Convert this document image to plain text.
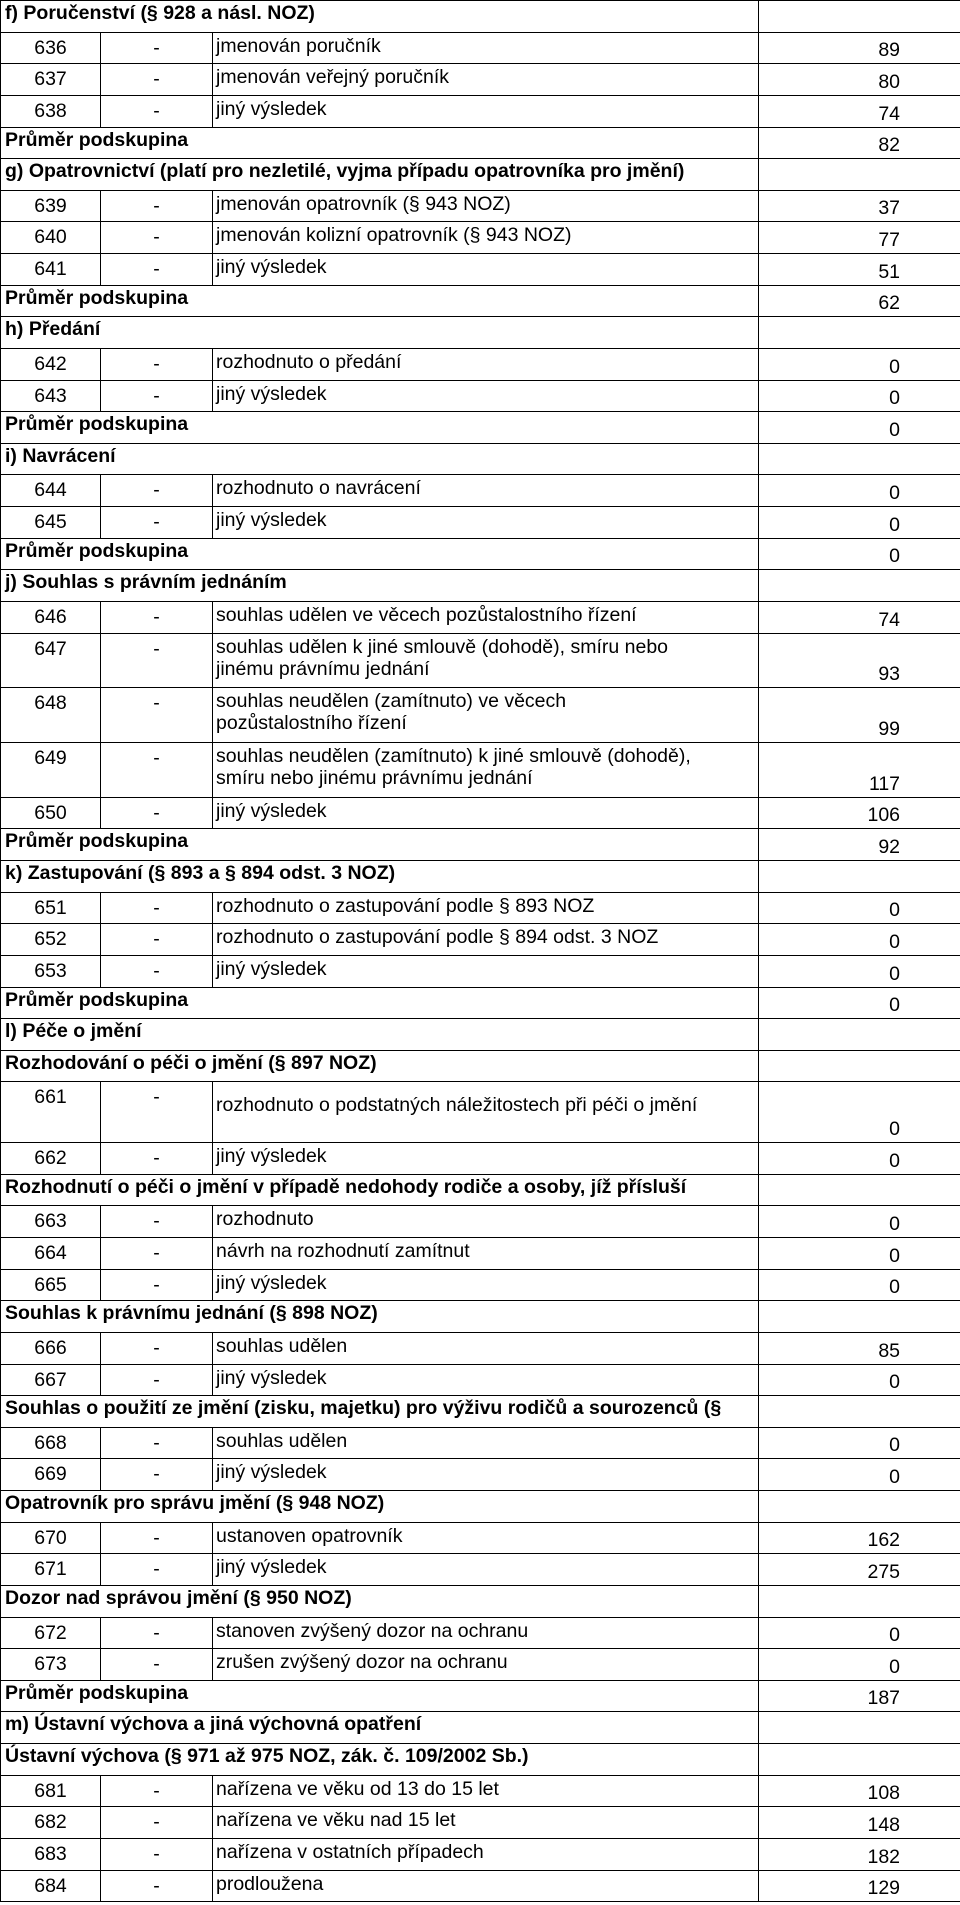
f) Poručenství (§ 928 a násl. NOZ)			
636	-	jmenován poručník	89
637	-	jmenován veřejný poručník	80
638	-	jiný výsledek	74
Průměr podskupina			82
g) Opatrovnictví (platí pro nezletilé, vyjma případu opatrovníka pro jmění)			
639	-	jmenován opatrovník (§ 943 NOZ)	37
640	-	jmenován kolizní opatrovník (§ 943 NOZ)	77
641	-	jiný výsledek	51
Průměr podskupina			62
h) Předání			
642	-	rozhodnuto o předání	0
643	-	jiný výsledek	0
Průměr podskupina			0
i) Navrácení			
644	-	rozhodnuto o navrácení	0
645	-	jiný výsledek	0
Průměr podskupina			0
j) Souhlas s právním jednáním			
646	-	souhlas udělen ve věcech pozůstalostního řízení	74
647	-	souhlas udělen k jiné smlouvě (dohodě), smíru nebo
jinému právnímu jednání	93
648	-	souhlas neudělen (zamítnuto) ve věcech
pozůstalostního řízení	99
649	-	souhlas neudělen (zamítnuto) k jiné smlouvě (dohodě),
smíru nebo jinému právnímu jednání	117
650	-	jiný výsledek	106
Průměr podskupina			92
k) Zastupování (§ 893 a § 894 odst. 3 NOZ)			
651	-	rozhodnuto o zastupování podle § 893 NOZ	0
652	-	rozhodnuto o zastupování podle § 894 odst. 3 NOZ	0
653	-	jiný výsledek	0
Průměr podskupina			0
l) Péče o jmění			
Rozhodování o péči o jmění (§ 897 NOZ)			
661	-	rozhodnuto o podstatných náležitostech při péči o jmění	0
662	-	jiný výsledek	0
Rozhodnutí o péči o jmění v případě nedohody rodiče a osoby, jíž přísluší			
663	-	rozhodnuto	0
664	-	návrh na rozhodnutí zamítnut	0
665	-	jiný výsledek	0
Souhlas k právnímu jednání (§ 898 NOZ)			
666	-	souhlas udělen	85
667	-	jiný výsledek	0
Souhlas o použití ze jmění (zisku, majetku) pro výživu rodičů a sourozenců (§			
668	-	souhlas udělen	0
669	-	jiný výsledek	0
Opatrovník pro správu jmění (§ 948 NOZ)			
670	-	ustanoven opatrovník	162
671	-	jiný výsledek	275
Dozor nad správou jmění (§ 950 NOZ)			
672	-	stanoven zvýšený dozor na ochranu	0
673	-	zrušen zvýšený dozor na ochranu	0
Průměr podskupina			187
m) Ústavní výchova a jiná výchovná opatření			
Ústavní výchova (§ 971 až 975 NOZ, zák. č. 109/2002 Sb.)			
681	-	nařízena ve věku od 13 do 15 let	108
682	-	nařízena ve věku nad 15 let	148
683	-	nařízena v ostatních případech	182
684	-	prodloužena	129
